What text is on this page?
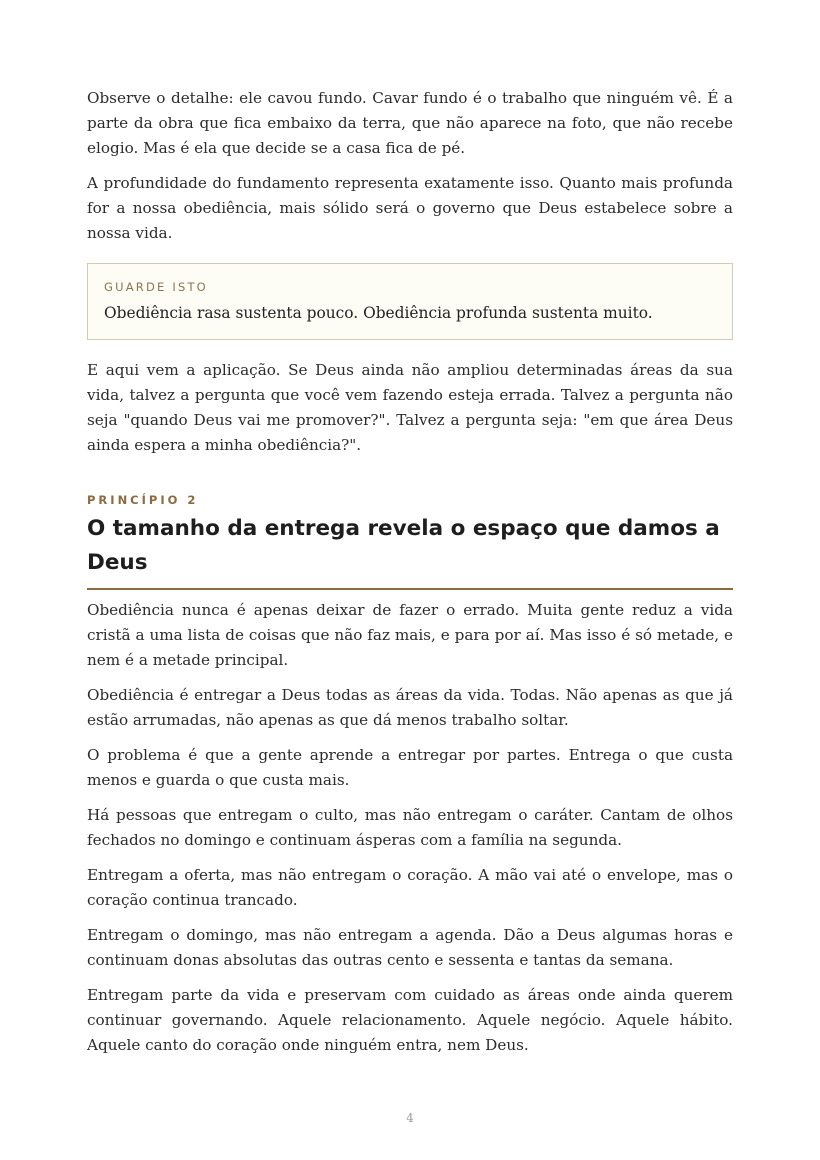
Observe o detalhe: ele cavou fundo. Cavar fundo é o trabalho que ninguém vê. É a parte da obra que fica embaixo da terra, que não aparece na foto, que não recebe elogio. Mas é ela que decide se a casa fica de pé.

A profundidade do fundamento representa exatamente isso. Quanto mais profunda for a nossa obediência, mais sólido será o governo que Deus estabelece sobre a nossa vida.

GUARDE ISTO

Obediência rasa sustenta pouco. Obediência profunda sustenta muito.

E aqui vem a aplicação. Se Deus ainda não ampliou determinadas áreas da sua vida, talvez a pergunta que você vem fazendo esteja errada. Talvez a pergunta não seja "quando Deus vai me promover?". Talvez a pergunta seja: "em que área Deus ainda espera a minha obediência?".

PRINCÍPIO 2
O tamanho da entrega revela o espaço que damos a Deus

Obediência nunca é apenas deixar de fazer o errado. Muita gente reduz a vida cristã a uma lista de coisas que não faz mais, e para por aí. Mas isso é só metade, e nem é a metade principal.

Obediência é entregar a Deus todas as áreas da vida. Todas. Não apenas as que já estão arrumadas, não apenas as que dá menos trabalho soltar.

O problema é que a gente aprende a entregar por partes. Entrega o que custa menos e guarda o que custa mais.

Há pessoas que entregam o culto, mas não entregam o caráter. Cantam de olhos fechados no domingo e continuam ásperas com a família na segunda.

Entregam a oferta, mas não entregam o coração. A mão vai até o envelope, mas o coração continua trancado.

Entregam o domingo, mas não entregam a agenda. Dão a Deus algumas horas e continuam donas absolutas das outras cento e sessenta e tantas da semana.

Entregam parte da vida e preservam com cuidado as áreas onde ainda querem continuar governando. Aquele relacionamento. Aquele negócio. Aquele hábito. Aquele canto do coração onde ninguém entra, nem Deus.

4
